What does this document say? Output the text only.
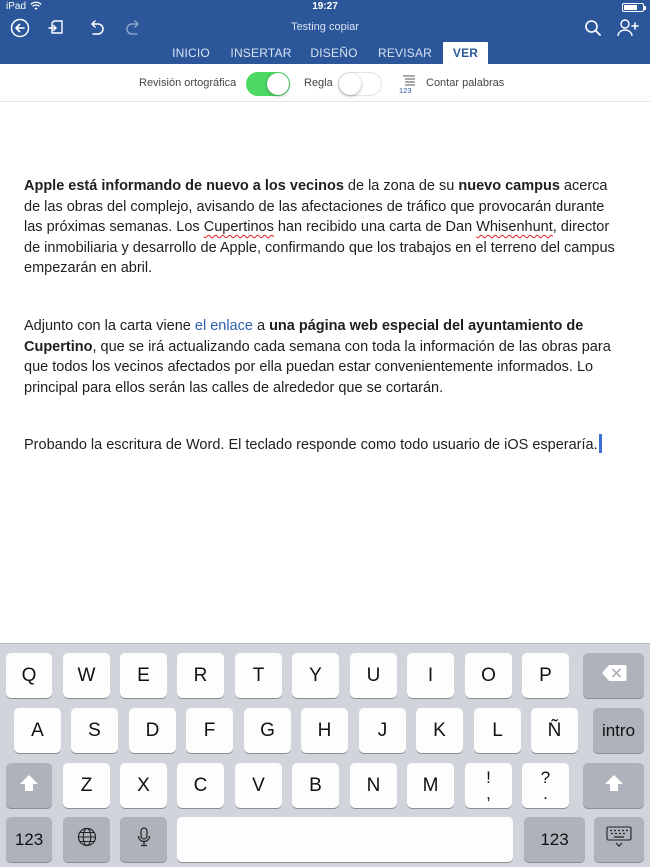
iPad	19:27
Testing copiar
INICIO	INSERTAR	DISEÑO	REVISAR	VER
Revisión ortográfica	Regla
123
Contar palabras

Apple está informando de nuevo a los vecinos de la zona de su nuevo campus acerca de las obras del complejo, avisando de las afectaciones de tráfico que provocarán durante las próximas semanas. Los Cupertinos han recibido una carta de Dan Whisenhunt, director de inmobiliaria y desarrollo de Apple, confirmando que los trabajos en el terreno del campus empezarán en abril.

Adjunto con la carta viene el enlace a una página web especial del ayuntamiento de Cupertino, que se irá actualizando cada semana con toda la información de las obras para que todos los vecinos afectados por ella puedan estar convenientemente informados. Lo principal para ellos serán las calles de alrededor que se cortarán.

Probando la escritura de Word. El teclado responde como todo usuario de iOS esperaría.

Q	W	E	R	T	Y	U	I	O	P
A	S	D	F	G	H	J	K	L	Ñ	intro
Z	X	C	V	B	N	M	!
,
?
.
123	123
